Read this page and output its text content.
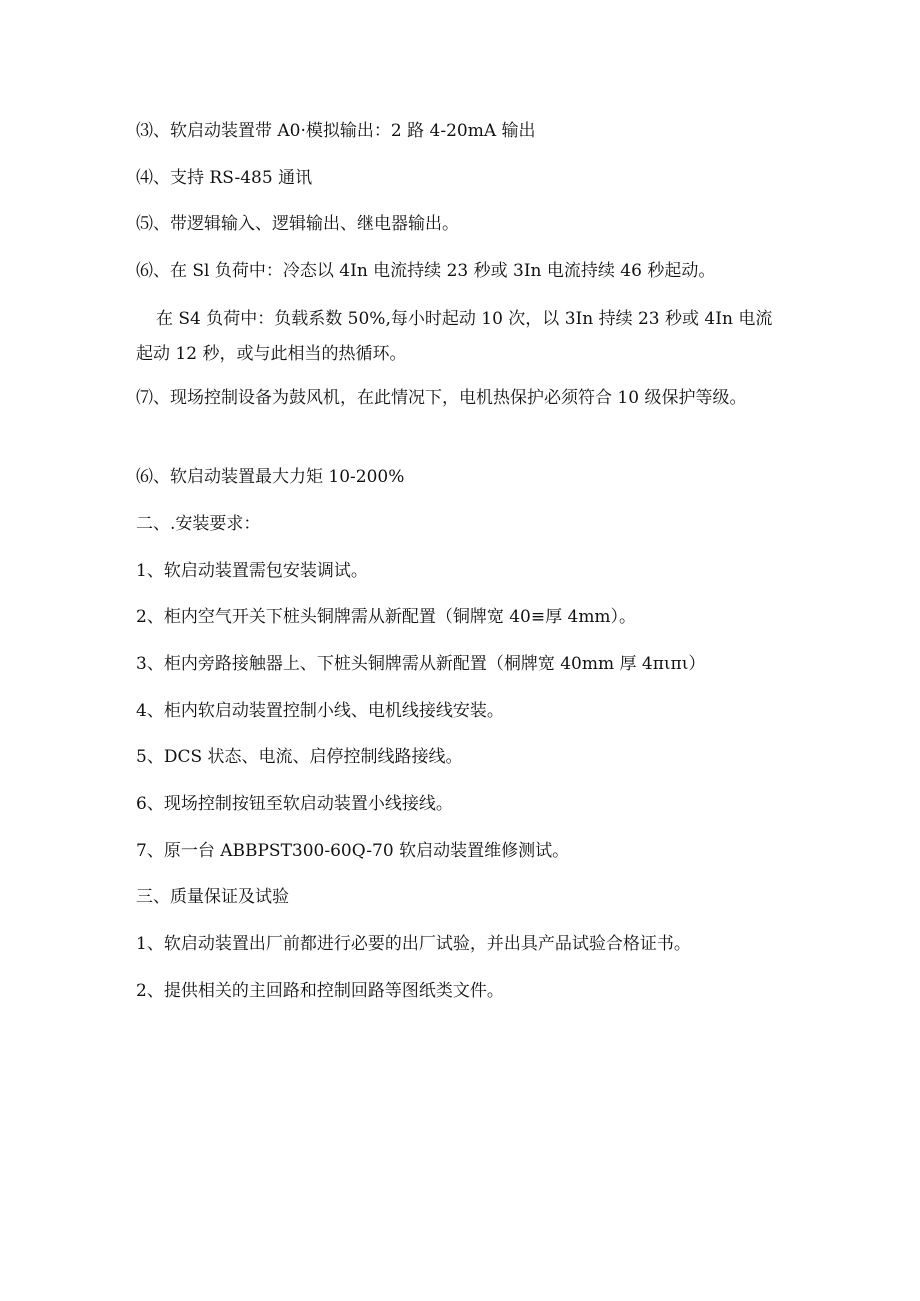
⑶、软启动装置带 A0·模拟输出：2 路 4-20mA 输出
⑷、支持 RS-485 通讯
⑸、带逻辑输入、逻辑输出、继电器输出。
⑹、在 Sl 负荷中：冷态以 4In 电流持续 23 秒或 3In 电流持续 46 秒起动。
在 S4 负荷中：负载系数 50%,每小时起动 10 次，以 3In 持续 23 秒或 4In 电流起动 12 秒，或与此相当的热循环。
⑺、现场控制设备为鼓风机，在此情况下，电机热保护必须符合 10 级保护等级。
⑹、软启动装置最大力矩 10-200%
二、.安装要求：
1、软启动装置需包安装调试。
2、柜内空气开关下桩头铜牌需从新配置（铜牌宽 40≡厚 4mm）。
3、柜内旁路接触器上、下桩头铜牌需从新配置（桐牌宽 40mm 厚 4πιπι）
4、柜内软启动装置控制小线、电机线接线安装。
5、DCS 状态、电流、启停控制线路接线。
6、现场控制按钮至软启动装置小线接线。
7、原一台 ABBPST300-60Q-70 软启动装置维修测试。
三、质量保证及试验
1、软启动装置出厂前都进行必要的出厂试验，并出具产品试验合格证书。
2、提供相关的主回路和控制回路等图纸类文件。
